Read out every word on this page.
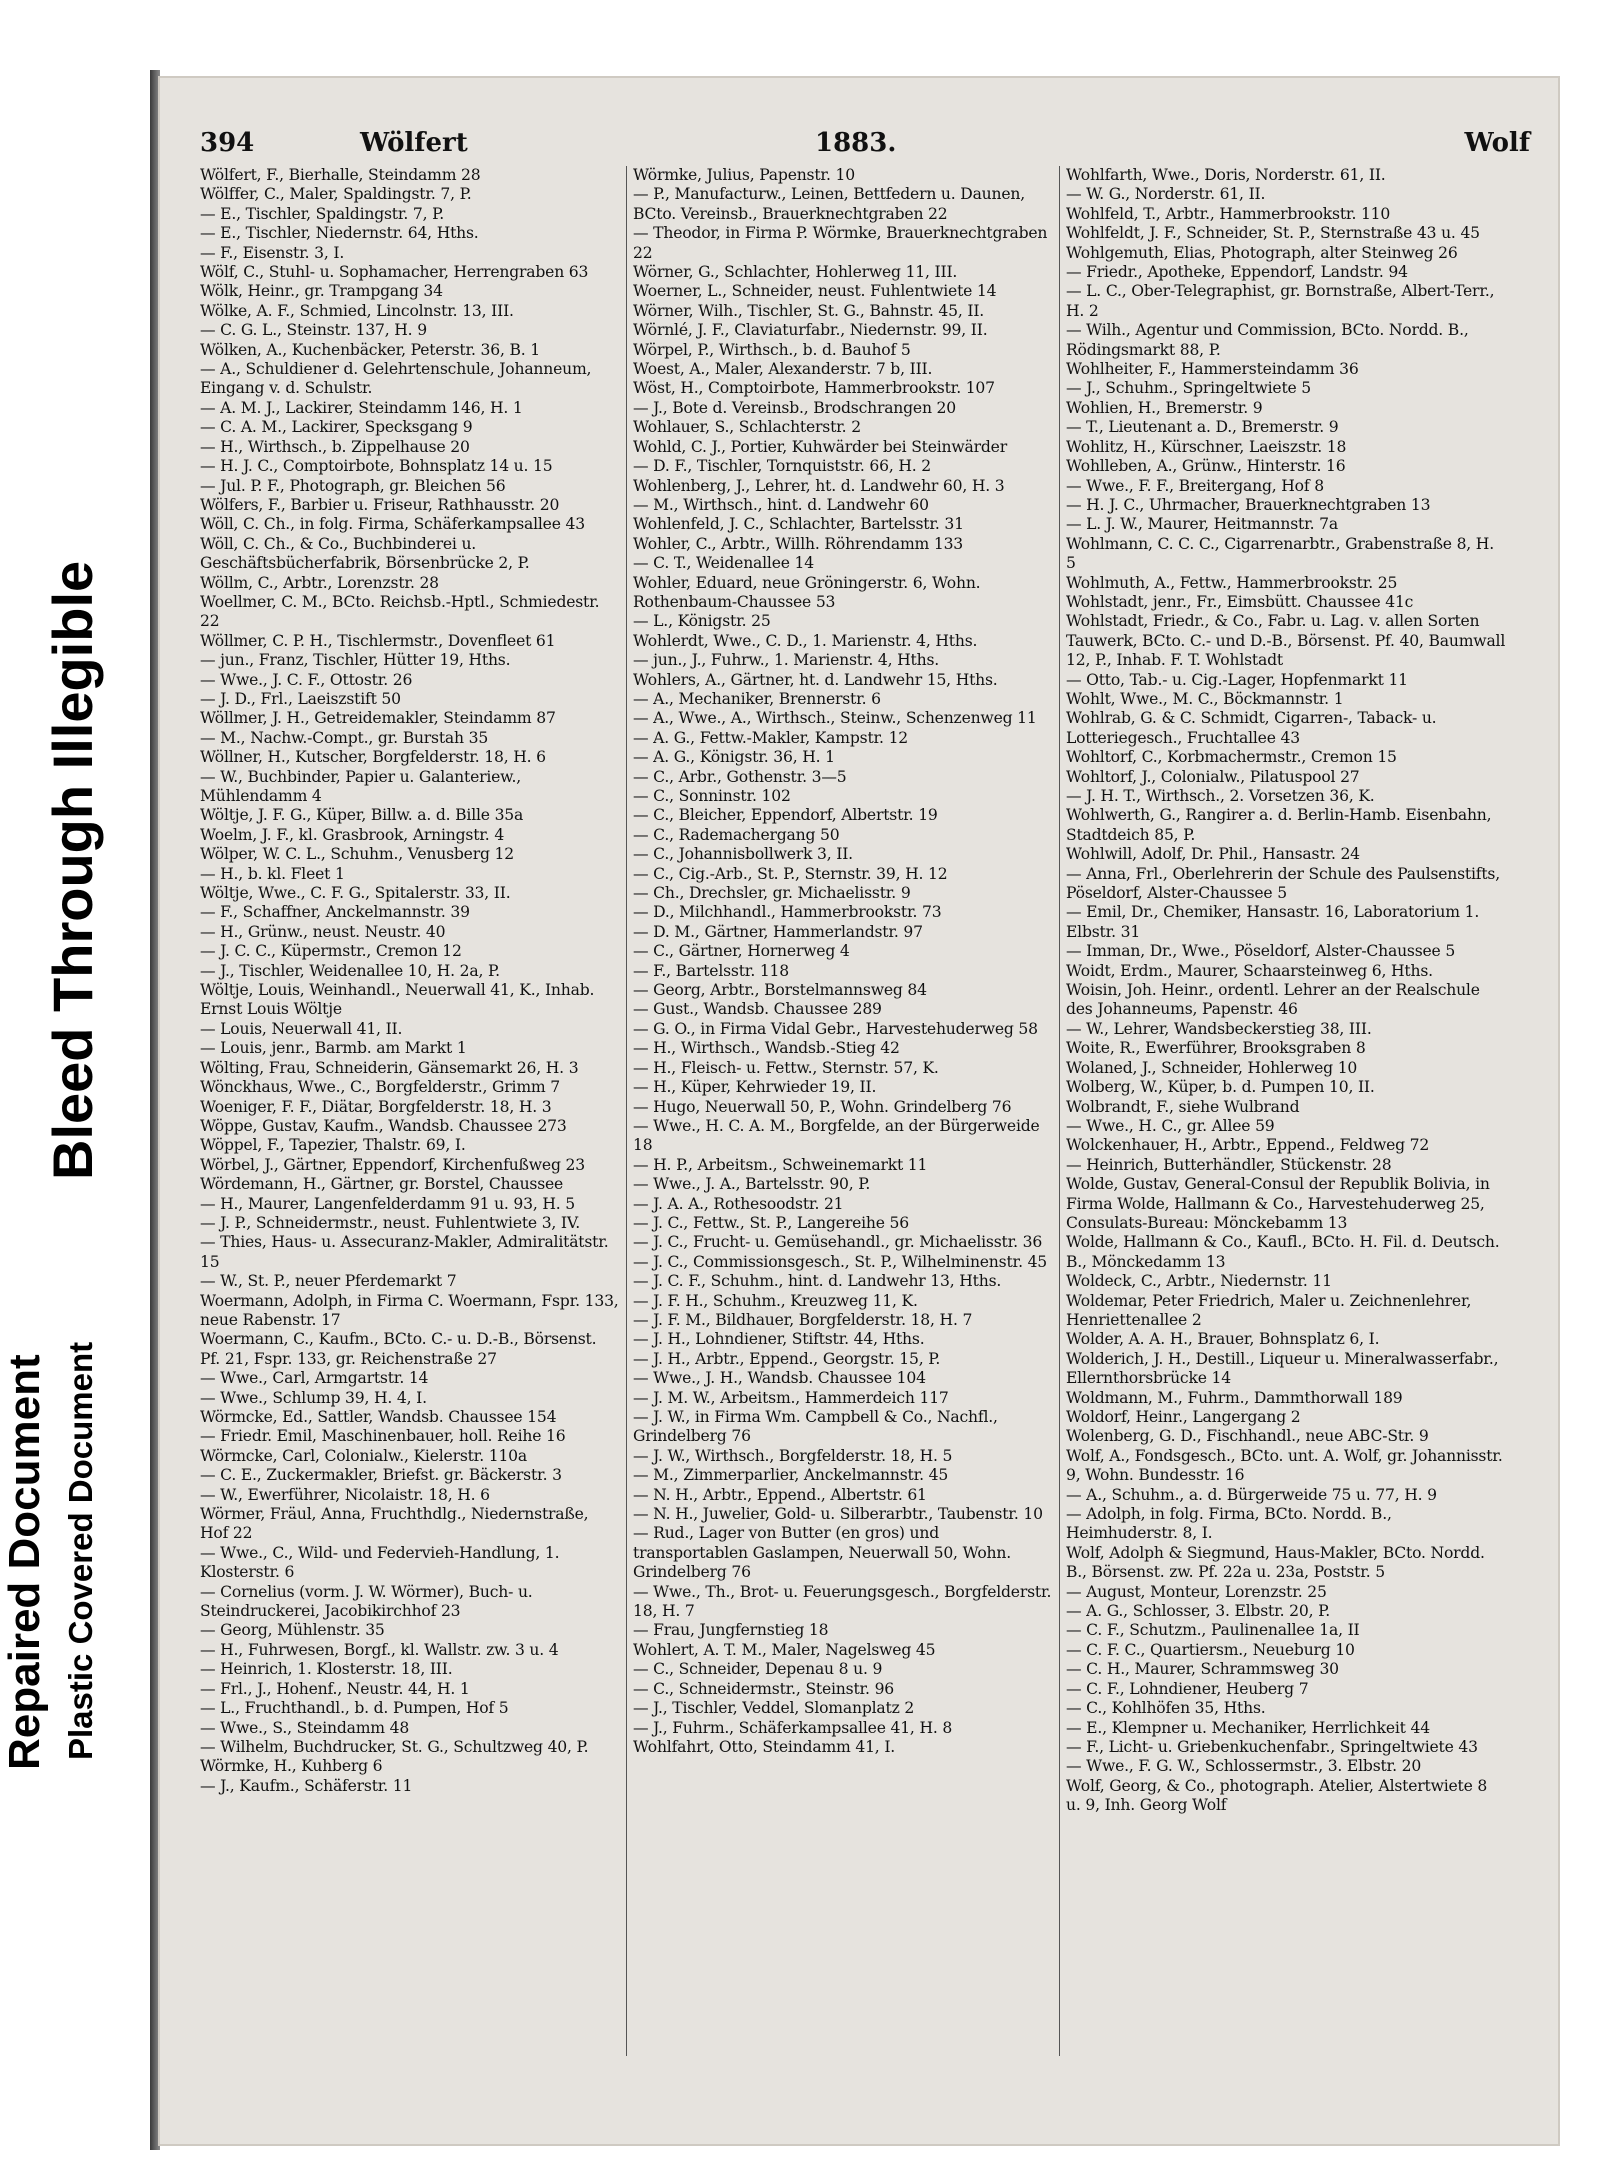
Bleed Through Illegible
Repaired Document Plastic Covered Document
394	Wölfert	1883.	Wolf

Wölfert, F., Bierhalle, Steindamm 28

Wölffer, C., Maler, Spaldingstr. 7, P.

— E., Tischler, Spaldingstr. 7, P.

— E., Tischler, Niedernstr. 64, Hths.

— F., Eisenstr. 3, I.

Wölf, C., Stuhl- u. Sophamacher, Herrengraben 63

Wölk, Heinr., gr. Trampgang 34

Wölke, A. F., Schmied, Lincolnstr. 13, III.

— C. G. L., Steinstr. 137, H. 9

Wölken, A., Kuchenbäcker, Peterstr. 36, B. 1

— A., Schuldiener d. Gelehrtenschule, Johanneum, Eingang v. d. Schulstr.

— A. M. J., Lackirer, Steindamm 146, H. 1

— C. A. M., Lackirer, Specksgang 9

— H., Wirthsch., b. Zippelhause 20

— H. J. C., Comptoirbote, Bohnsplatz 14 u. 15

— Jul. P. F., Photograph, gr. Bleichen 56

Wölfers, F., Barbier u. Friseur, Rathhausstr. 20

Wöll, C. Ch., in folg. Firma, Schäferkampsallee 43

Wöll, C. Ch., & Co., Buchbinderei u. Geschäftsbücherfabrik, Börsenbrücke 2, P.

Wöllm, C., Arbtr., Lorenzstr. 28

Woellmer, C. M., BCto. Reichsb.-Hptl., Schmiedestr. 22

Wöllmer, C. P. H., Tischlermstr., Dovenfleet 61

— jun., Franz, Tischler, Hütter 19, Hths.

— Wwe., J. C. F., Ottostr. 26

— J. D., Frl., Laeiszstift 50

Wöllmer, J. H., Getreidemakler, Steindamm 87

— M., Nachw.-Compt., gr. Burstah 35

Wöllner, H., Kutscher, Borgfelderstr. 18, H. 6

— W., Buchbinder, Papier u. Galanteriew., Mühlendamm 4

Wöltje, J. F. G., Küper, Billw. a. d. Bille 35a

Woelm, J. F., kl. Grasbrook, Arningstr. 4

Wölper, W. C. L., Schuhm., Venusberg 12

— H., b. kl. Fleet 1

Wöltje, Wwe., C. F. G., Spitalerstr. 33, II.

— F., Schaffner, Anckelmannstr. 39

— H., Grünw., neust. Neustr. 40

— J. C. C., Küpermstr., Cremon 12

— J., Tischler, Weidenallee 10, H. 2a, P.

Wöltje, Louis, Weinhandl., Neuerwall 41, K., Inhab. Ernst Louis Wöltje

— Louis, Neuerwall 41, II.

— Louis, jenr., Barmb. am Markt 1

Wölting, Frau, Schneiderin, Gänsemarkt 26, H. 3

Wönckhaus, Wwe., C., Borgfelderstr., Grimm 7

Woeniger, F. F., Diätar, Borgfelderstr. 18, H. 3

Wöppe, Gustav, Kaufm., Wandsb. Chaussee 273

Wöppel, F., Tapezier, Thalstr. 69, I.

Wörbel, J., Gärtner, Eppendorf, Kirchenfußweg 23

Wördemann, H., Gärtner, gr. Borstel, Chaussee

— H., Maurer, Langenfelderdamm 91 u. 93, H. 5

— J. P., Schneidermstr., neust. Fuhlentwiete 3, IV.

— Thies, Haus- u. Assecuranz-Makler, Admiralitätstr. 15

— W., St. P., neuer Pferdemarkt 7

Woermann, Adolph, in Firma C. Woermann, Fspr. 133, neue Rabenstr. 17

Woermann, C., Kaufm., BCto. C.- u. D.-B., Börsenst. Pf. 21, Fspr. 133, gr. Reichenstraße 27

— Wwe., Carl, Armgartstr. 14

— Wwe., Schlump 39, H. 4, I.

Wörmcke, Ed., Sattler, Wandsb. Chaussee 154

— Friedr. Emil, Maschinenbauer, holl. Reihe 16

Wörmcke, Carl, Colonialw., Kielerstr. 110a

— C. E., Zuckermakler, Briefst. gr. Bäckerstr. 3

— W., Ewerführer, Nicolaistr. 18, H. 6

Wörmer, Fräul, Anna, Fruchthdlg., Niedernstraße, Hof 22

— Wwe., C., Wild- und Federvieh-Handlung, 1. Klosterstr. 6

— Cornelius (vorm. J. W. Wörmer), Buch- u. Steindruckerei, Jacobikirchhof 23

— Georg, Mühlenstr. 35

— H., Fuhrwesen, Borgf., kl. Wallstr. zw. 3 u. 4

— Heinrich, 1. Klosterstr. 18, III.

— Frl., J., Hohenf., Neustr. 44, H. 1

— L., Fruchthandl., b. d. Pumpen, Hof 5

— Wwe., S., Steindamm 48

— Wilhelm, Buchdrucker, St. G., Schultzweg 40, P.

Wörmke, H., Kuhberg 6

— J., Kaufm., Schäferstr. 11

Wörmke, Julius, Papenstr. 10

— P., Manufacturw., Leinen, Bettfedern u. Daunen, BCto. Vereinsb., Brauerknechtgraben 22

— Theodor, in Firma P. Wörmke, Brauerknechtgraben 22

Wörner, G., Schlachter, Hohlerweg 11, III.

Woerner, L., Schneider, neust. Fuhlentwiete 14

Wörner, Wilh., Tischler, St. G., Bahnstr. 45, II.

Wörnlé, J. F., Claviaturfabr., Niedernstr. 99, II.

Wörpel, P., Wirthsch., b. d. Bauhof 5

Woest, A., Maler, Alexanderstr. 7 b, III.

Wöst, H., Comptoirbote, Hammerbrookstr. 107

— J., Bote d. Vereinsb., Brodschrangen 20

Wohlauer, S., Schlachterstr. 2

Wohld, C. J., Portier, Kuhwärder bei Steinwärder

— D. F., Tischler, Tornquiststr. 66, H. 2

Wohlenberg, J., Lehrer, ht. d. Landwehr 60, H. 3

— M., Wirthsch., hint. d. Landwehr 60

Wohlenfeld, J. C., Schlachter, Bartelsstr. 31

Wohler, C., Arbtr., Willh. Röhrendamm 133

— C. T., Weidenallee 14

Wohler, Eduard, neue Gröningerstr. 6, Wohn. Rothenbaum-Chaussee 53

— L., Königstr. 25

Wohlerdt, Wwe., C. D., 1. Marienstr. 4, Hths.

— jun., J., Fuhrw., 1. Marienstr. 4, Hths.

Wohlers, A., Gärtner, ht. d. Landwehr 15, Hths.

— A., Mechaniker, Brennerstr. 6

— A., Wwe., A., Wirthsch., Steinw., Schenzenweg 11

— A. G., Fettw.-Makler, Kampstr. 12

— A. G., Königstr. 36, H. 1

— C., Arbr., Gothenstr. 3—5

— C., Sonninstr. 102

— C., Bleicher, Eppendorf, Albertstr. 19

— C., Rademachergang 50

— C., Johannisbollwerk 3, II.

— C., Cig.-Arb., St. P., Sternstr. 39, H. 12

— Ch., Drechsler, gr. Michaelisstr. 9

— D., Milchhandl., Hammerbrookstr. 73

— D. M., Gärtner, Hammerlandstr. 97

— C., Gärtner, Hornerweg 4

— F., Bartelsstr. 118

— Georg, Arbtr., Borstelmannsweg 84

— Gust., Wandsb. Chaussee 289

— G. O., in Firma Vidal Gebr., Harvestehuderweg 58

— H., Wirthsch., Wandsb.-Stieg 42

— H., Fleisch- u. Fettw., Sternstr. 57, K.

— H., Küper, Kehrwieder 19, II.

— Hugo, Neuerwall 50, P., Wohn. Grindelberg 76

— Wwe., H. C. A. M., Borgfelde, an der Bürgerweide 18

— H. P., Arbeitsm., Schweinemarkt 11

— Wwe., J. A., Bartelsstr. 90, P.

— J. A. A., Rothesoodstr. 21

— J. C., Fettw., St. P., Langereihe 56

— J. C., Frucht- u. Gemüsehandl., gr. Michaelisstr. 36

— J. C., Commissionsgesch., St. P., Wilhelminenstr. 45

— J. C. F., Schuhm., hint. d. Landwehr 13, Hths.

— J. F. H., Schuhm., Kreuzweg 11, K.

— J. F. M., Bildhauer, Borgfelderstr. 18, H. 7

— J. H., Lohndiener, Stiftstr. 44, Hths.

— J. H., Arbtr., Eppend., Georgstr. 15, P.

— Wwe., J. H., Wandsb. Chaussee 104

— J. M. W., Arbeitsm., Hammerdeich 117

— J. W., in Firma Wm. Campbell & Co., Nachfl., Grindelberg 76

— J. W., Wirthsch., Borgfelderstr. 18, H. 5

— M., Zimmerparlier, Anckelmannstr. 45

— N. H., Arbtr., Eppend., Albertstr. 61

— N. H., Juwelier, Gold- u. Silberarbtr., Taubenstr. 10

— Rud., Lager von Butter (en gros) und transportablen Gaslampen, Neuerwall 50, Wohn. Grindelberg 76

— Wwe., Th., Brot- u. Feuerungsgesch., Borgfelderstr. 18, H. 7

— Frau, Jungfernstieg 18

Wohlert, A. T. M., Maler, Nagelsweg 45

— C., Schneider, Depenau 8 u. 9

— C., Schneidermstr., Steinstr. 96

— J., Tischler, Veddel, Slomanplatz 2

— J., Fuhrm., Schäferkampsallee 41, H. 8

Wohlfahrt, Otto, Steindamm 41, I.

Wohlfarth, Wwe., Doris, Norderstr. 61, II.

— W. G., Norderstr. 61, II.

Wohlfeld, T., Arbtr., Hammerbrookstr. 110

Wohlfeldt, J. F., Schneider, St. P., Sternstraße 43 u. 45

Wohlgemuth, Elias, Photograph, alter Steinweg 26

— Friedr., Apotheke, Eppendorf, Landstr. 94

— L. C., Ober-Telegraphist, gr. Bornstraße, Albert-Terr., H. 2

— Wilh., Agentur und Commission, BCto. Nordd. B., Rödingsmarkt 88, P.

Wohlheiter, F., Hammersteindamm 36

— J., Schuhm., Springeltwiete 5

Wohlien, H., Bremerstr. 9

— T., Lieutenant a. D., Bremerstr. 9

Wohlitz, H., Kürschner, Laeiszstr. 18

Wohlleben, A., Grünw., Hinterstr. 16

— Wwe., F. F., Breitergang, Hof 8

— H. J. C., Uhrmacher, Brauerknechtgraben 13

— L. J. W., Maurer, Heitmannstr. 7a

Wohlmann, C. C. C., Cigarrenarbtr., Grabenstraße 8, H. 5

Wohlmuth, A., Fettw., Hammerbrookstr. 25

Wohlstadt, jenr., Fr., Eimsbütt. Chaussee 41c

Wohlstadt, Friedr., & Co., Fabr. u. Lag. v. allen Sorten Tauwerk, BCto. C.- und D.-B., Börsenst. Pf. 40, Baumwall 12, P., Inhab. F. T. Wohlstadt

— Otto, Tab.- u. Cig.-Lager, Hopfenmarkt 11

Wohlt, Wwe., M. C., Böckmannstr. 1

Wohlrab, G. & C. Schmidt, Cigarren-, Taback- u. Lotteriegesch., Fruchtallee 43

Wohltorf, C., Korbmachermstr., Cremon 15

Wohltorf, J., Colonialw., Pilatuspool 27

— J. H. T., Wirthsch., 2. Vorsetzen 36, K.

Wohlwerth, G., Rangirer a. d. Berlin-Hamb. Eisenbahn, Stadtdeich 85, P.

Wohlwill, Adolf, Dr. Phil., Hansastr. 24

— Anna, Frl., Oberlehrerin der Schule des Paulsenstifts, Pöseldorf, Alster-Chaussee 5

— Emil, Dr., Chemiker, Hansastr. 16, Laboratorium 1. Elbstr. 31

— Imman, Dr., Wwe., Pöseldorf, Alster-Chaussee 5

Woidt, Erdm., Maurer, Schaarsteinweg 6, Hths.

Woisin, Joh. Heinr., ordentl. Lehrer an der Realschule des Johanneums, Papenstr. 46

— W., Lehrer, Wandsbeckerstieg 38, III.

Woite, R., Ewerführer, Brooksgraben 8

Wolaned, J., Schneider, Hohlerweg 10

Wolberg, W., Küper, b. d. Pumpen 10, II.

Wolbrandt, F., siehe Wulbrand

— Wwe., H. C., gr. Allee 59

Wolckenhauer, H., Arbtr., Eppend., Feldweg 72

— Heinrich, Butterhändler, Stückenstr. 28

Wolde, Gustav, General-Consul der Republik Bolivia, in Firma Wolde, Hallmann & Co., Harvestehuderweg 25, Consulats-Bureau: Mönckebamm 13

Wolde, Hallmann & Co., Kaufl., BCto. H. Fil. d. Deutsch. B., Mönckedamm 13

Woldeck, C., Arbtr., Niedernstr. 11

Woldemar, Peter Friedrich, Maler u. Zeichnenlehrer, Henriettenallee 2

Wolder, A. A. H., Brauer, Bohnsplatz 6, I.

Wolderich, J. H., Destill., Liqueur u. Mineralwasserfabr., Ellernthorsbrücke 14

Woldmann, M., Fuhrm., Dammthorwall 189

Woldorf, Heinr., Langergang 2

Wolenberg, G. D., Fischhandl., neue ABC-Str. 9

Wolf, A., Fondsgesch., BCto. unt. A. Wolf, gr. Johannisstr. 9, Wohn. Bundesstr. 16

— A., Schuhm., a. d. Bürgerweide 75 u. 77, H. 9

— Adolph, in folg. Firma, BCto. Nordd. B., Heimhuderstr. 8, I.

Wolf, Adolph & Siegmund, Haus-Makler, BCto. Nordd. B., Börsenst. zw. Pf. 22a u. 23a, Poststr. 5

— August, Monteur, Lorenzstr. 25

— A. G., Schlosser, 3. Elbstr. 20, P.

— C. F., Schutzm., Paulinenallee 1a, II

— C. F. C., Quartiersm., Neueburg 10

— C. H., Maurer, Schrammsweg 30

— C. F., Lohndiener, Heuberg 7

— C., Kohlhöfen 35, Hths.

— E., Klempner u. Mechaniker, Herrlichkeit 44

— F., Licht- u. Griebenkuchenfabr., Springeltwiete 43

— Wwe., F. G. W., Schlossermstr., 3. Elbstr. 20

Wolf, Georg, & Co., photograph. Atelier, Alstertwiete 8 u. 9, Inh. Georg Wolf
